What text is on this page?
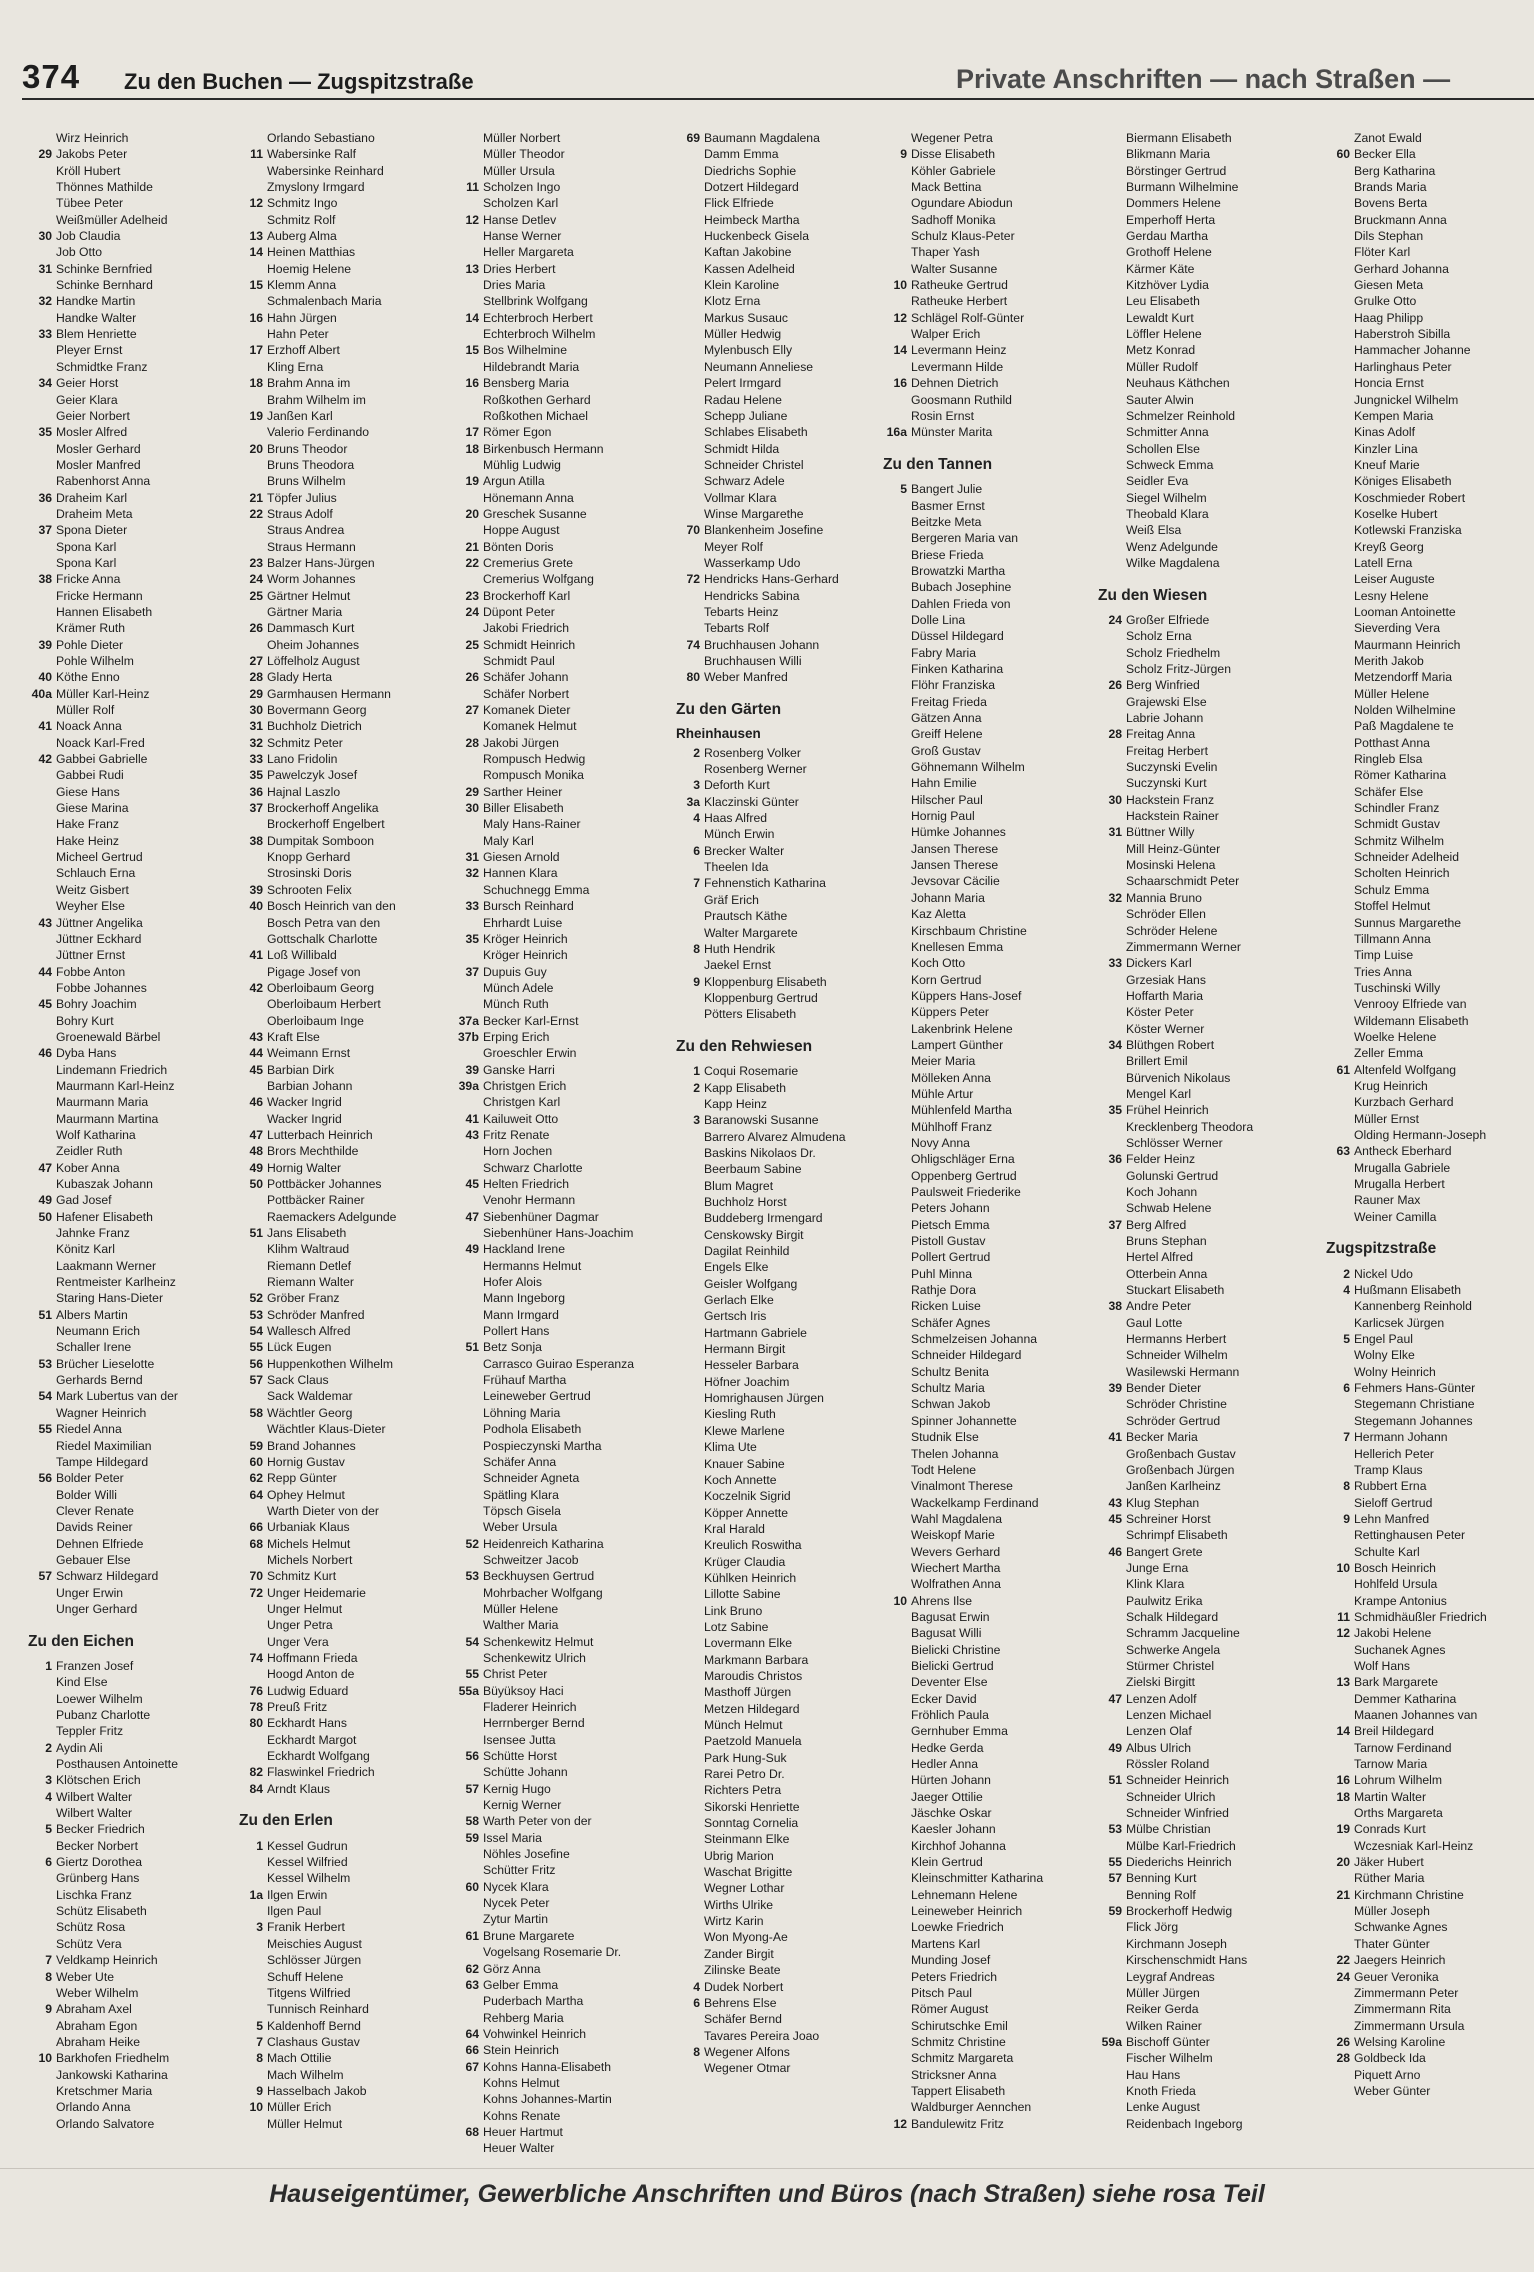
374 Zu den Buchen — Zugspitzstraße	Private Anschriften — nach Straßen —
Wirz Heinrich
29 Jakobs Peter
Kröll Hubert
Thönnes Mathilde
Tübee Peter
Weißmüller Adelheid
30 Job Claudia
Job Otto
31 Schinke Bernfried
Schinke Bernhard
32 Handke Martin
Handke Walter
33 Blem Henriette
Pleyer Ernst
Schmidtke Franz
34 Geier Horst
Geier Klara
Geier Norbert
35 Mosler Alfred
Mosler Gerhard
Mosler Manfred
Rabenhorst Anna
36 Draheim Karl
Draheim Meta
37 Spona Dieter
Spona Karl
Spona Karl
38 Fricke Anna
Fricke Hermann
Hannen Elisabeth
Krämer Ruth
39 Pohle Dieter
Pohle Wilhelm
40 Köthe Enno
40a Müller Karl-Heinz
Müller Rolf
41 Noack Anna
Noack Karl-Fred
42 Gabbei Gabrielle
Gabbei Rudi
Giese Hans
Giese Marina
Hake Franz
Hake Heinz
Micheel Gertrud
Schlauch Erna
Weitz Gisbert
Weyher Else
43 Jüttner Angelika
Jüttner Eckhard
Jüttner Ernst
44 Fobbe Anton
Fobbe Johannes
45 Bohry Joachim
Bohry Kurt
Groenewald Bärbel
46 Dyba Hans
Lindemann Friedrich
Maurmann Karl-Heinz
Maurmann Maria
Maurmann Martina
Wolf Katharina
Zeidler Ruth
47 Kober Anna
Kubaszak Johann
49 Gad Josef
50 Hafener Elisabeth
Jahnke Franz
Könitz Karl
Laakmann Werner
Rentmeister Karlheinz
Staring Hans-Dieter
51 Albers Martin
Neumann Erich
Schaller Irene
53 Brücher Lieselotte
Gerhards Bernd
54 Mark Lubertus van der
Wagner Heinrich
55 Riedel Anna
Riedel Maximilian
Tampe Hildegard
56 Bolder Peter
Bolder Willi
Clever Renate
Davids Reiner
Dehnen Elfriede
Gebauer Else
57 Schwarz Hildegard
Unger Erwin
Unger Gerhard
Zu den Eichen
1 Franzen Josef
Kind Else
Loewer Wilhelm
Pubanz Charlotte
Teppler Fritz
2 Aydin Ali
Posthausen Antoinette
3 Klötschen Erich
4 Wilbert Walter
Wilbert Walter
5 Becker Friedrich
Becker Norbert
6 Giertz Dorothea
Grünberg Hans
Lischka Franz
Schütz Elisabeth
Schütz Rosa
Schütz Vera
7 Veldkamp Heinrich
8 Weber Ute
Weber Wilhelm
9 Abraham Axel
Abraham Egon
Abraham Heike
10 Barkhofen Friedhelm
Jankowski Katharina
Kretschmer Maria
Orlando Anna
Orlando Salvatore
Orlando Sebastiano
11 Wabersinke Ralf
Wabersinke Reinhard
Zmyslony Irmgard
12 Schmitz Ingo
Schmitz Rolf
13 Auberg Alma
14 Heinen Matthias
Hoemig Helene
15 Klemm Anna
Schmalenbach Maria
16 Hahn Jürgen
Hahn Peter
17 Erzhoff Albert
Kling Erna
18 Brahm Anna im
Brahm Wilhelm im
19 Janßen Karl
Valerio Ferdinando
20 Bruns Theodor
Bruns Theodora
Bruns Wilhelm
21 Töpfer Julius
22 Straus Adolf
Straus Andrea
Straus Hermann
23 Balzer Hans-Jürgen
24 Worm Johannes
25 Gärtner Helmut
Gärtner Maria
26 Dammasch Kurt
Oheim Johannes
27 Löffelholz August
28 Glady Herta
29 Garmhausen Hermann
30 Bovermann Georg
31 Buchholz Dietrich
32 Schmitz Peter
33 Lano Fridolin
35 Pawelczyk Josef
36 Hajnal Laszlo
37 Brockerhoff Angelika
Brockerhoff Engelbert
38 Dumpitak Somboon
Knopp Gerhard
Strosinski Doris
39 Schrooten Felix
40 Bosch Heinrich van den
Bosch Petra van den
Gottschalk Charlotte
41 Loß Willibald
Pigage Josef von
42 Oberloibaum Georg
Oberloibaum Herbert
Oberloibaum Inge
43 Kraft Else
44 Weimann Ernst
45 Barbian Dirk
Barbian Johann
46 Wacker Ingrid
Wacker Ingrid
47 Lutterbach Heinrich
48 Brors Mechthilde
49 Hornig Walter
50 Pottbäcker Johannes
Pottbäcker Rainer
Raemackers Adelgunde
51 Jans Elisabeth
Klihm Waltraud
Riemann Detlef
Riemann Walter
52 Gröber Franz
53 Schröder Manfred
54 Wallesch Alfred
55 Lück Eugen
56 Huppenkothen Wilhelm
57 Sack Claus
Sack Waldemar
58 Wächtler Georg
Wächtler Klaus-Dieter
59 Brand Johannes
60 Hornig Gustav
62 Repp Günter
64 Ophey Helmut
Warth Dieter von der
66 Urbaniak Klaus
68 Michels Helmut
Michels Norbert
70 Schmitz Kurt
72 Unger Heidemarie
Unger Helmut
Unger Petra
Unger Vera
74 Hoffmann Frieda
Hoogd Anton de
76 Ludwig Eduard
78 Preuß Fritz
80 Eckhardt Hans
Eckhardt Margot
Eckhardt Wolfgang
82 Flaswinkel Friedrich
84 Arndt Klaus
Zu den Erlen
1 Kessel Gudrun
Kessel Wilfried
Kessel Wilhelm
1a Ilgen Erwin
Ilgen Paul
3 Franik Herbert
Meischies August
Schlösser Jürgen
Schuff Helene
Titgens Wilfried
Tunnisch Reinhard
5 Kaldenhoff Bernd
7 Clashaus Gustav
8 Mach Ottilie
Mach Wilhelm
9 Hasselbach Jakob
10 Müller Erich
Müller Helmut
Müller Norbert
Müller Theodor
Müller Ursula
11 Scholzen Ingo
Scholzen Karl
12 Hanse Detlev
Hanse Werner
Heller Margareta
13 Dries Herbert
Dries Maria
Stellbrink Wolfgang
14 Echterbroch Herbert
Echterbroch Wilhelm
15 Bos Wilhelmine
Hildebrandt Maria
16 Bensberg Maria
Roßkothen Gerhard
Roßkothen Michael
17 Römer Egon
18 Birkenbusch Hermann
Mühlig Ludwig
19 Argun Atilla
Hönemann Anna
20 Greschek Susanne
Hoppe August
21 Bönten Doris
22 Cremerius Grete
Cremerius Wolfgang
23 Brockerhoff Karl
24 Düpont Peter
Jakobi Friedrich
25 Schmidt Heinrich
Schmidt Paul
26 Schäfer Johann
Schäfer Norbert
27 Komanek Dieter
Komanek Helmut
28 Jakobi Jürgen
Rompusch Hedwig
Rompusch Monika
29 Sarther Heiner
30 Biller Elisabeth
Maly Hans-Rainer
Maly Karl
31 Giesen Arnold
32 Hannen Klara
Schuchnegg Emma
33 Bursch Reinhard
Ehrhardt Luise
35 Kröger Heinrich
Kröger Heinrich
37 Dupuis Guy
Münch Adele
Münch Ruth
37a Becker Karl-Ernst
37b Erping Erich
Groeschler Erwin
39 Ganske Harri
39a Christgen Erich
Christgen Karl
41 Kailuweit Otto
43 Fritz Renate
Horn Jochen
Schwarz Charlotte
45 Helten Friedrich
Venohr Hermann
47 Siebenhüner Dagmar
Siebenhüner Hans-Joachim
49 Hackland Irene
Hermanns Helmut
Hofer Alois
Mann Ingeborg
Mann Irmgard
Pollert Hans
51 Betz Sonja
Carrasco Guirao Esperanza
Frühauf Martha
Leineweber Gertrud
Löhning Maria
Podhola Elisabeth
Pospieczynski Martha
Schäfer Anna
Schneider Agneta
Spätling Klara
Töpsch Gisela
Weber Ursula
52 Heidenreich Katharina
Schweitzer Jacob
53 Beckhuysen Gertrud
Mohrbacher Wolfgang
Müller Helene
Walther Maria
54 Schenkewitz Helmut
Schenkewitz Ulrich
55 Christ Peter
55a Büyüksoy Haci
Fladerer Heinrich
Herrnberger Bernd
Isensee Jutta
56 Schütte Horst
Schütte Johann
57 Kernig Hugo
Kernig Werner
58 Warth Peter von der
59 Issel Maria
Nöhles Josefine
Schütter Fritz
60 Nycek Klara
Nycek Peter
Zytur Martin
61 Brune Margarete
Vogelsang Rosemarie Dr.
62 Görz Anna
63 Gelber Emma
Puderbach Martha
Rehberg Maria
64 Vohwinkel Heinrich
66 Stein Heinrich
67 Kohns Hanna-Elisabeth
Kohns Helmut
Kohns Johannes-Martin
Kohns Renate
68 Heuer Hartmut
Heuer Walter
69 Baumann Magdalena
Damm Emma
Diedrichs Sophie
Dotzert Hildegard
Flick Elfriede
Heimbeck Martha
Huckenbeck Gisela
Kaftan Jakobine
Kassen Adelheid
Klein Karoline
Klotz Erna
Markus Susauc
Müller Hedwig
Mylenbusch Elly
Neumann Anneliese
Pelert Irmgard
Radau Helene
Schepp Juliane
Schlabes Elisabeth
Schmidt Hilda
Schneider Christel
Schwarz Adele
Vollmar Klara
Winse Margarethe
70 Blankenheim Josefine
Meyer Rolf
Wasserkamp Udo
72 Hendricks Hans-Gerhard
Hendricks Sabina
Tebarts Heinz
Tebarts Rolf
74 Bruchhausen Johann
Bruchhausen Willi
80 Weber Manfred
Zu den Gärten
Rheinhausen
2 Rosenberg Volker
Rosenberg Werner
3 Deforth Kurt
3a Klaczinski Günter
4 Haas Alfred
Münch Erwin
6 Brecker Walter
Theelen Ida
7 Fehnenstich Katharina
Gräf Erich
Prautsch Käthe
Walter Margarete
8 Huth Hendrik
Jaekel Ernst
9 Kloppenburg Elisabeth
Kloppenburg Gertrud
Pötters Elisabeth
Zu den Rehwiesen
1 Coqui Rosemarie
2 Kapp Elisabeth
Kapp Heinz
3 Baranowski Susanne
Barrero Alvarez Almudena
Baskins Nikolaos Dr.
Beerbaum Sabine
Blum Magret
Buchholz Horst
Buddeberg Irmengard
Censkowsky Birgit
Dagilat Reinhild
Engels Elke
Geisler Wolfgang
Gerlach Elke
Gertsch Iris
Hartmann Gabriele
Hermann Birgit
Hesseler Barbara
Höfner Joachim
Homrighausen Jürgen
Kiesling Ruth
Klewe Marlene
Klima Ute
Knauer Sabine
Koch Annette
Koczelnik Sigrid
Köpper Annette
Kral Harald
Kreulich Roswitha
Krüger Claudia
Kühlken Heinrich
Lillotte Sabine
Link Bruno
Lotz Sabine
Lovermann Elke
Markmann Barbara
Maroudis Christos
Masthoff Jürgen
Metzen Hildegard
Münch Helmut
Paetzold Manuela
Park Hung-Suk
Rarei Petro Dr.
Richters Petra
Sikorski Henriette
Sonntag Cornelia
Steinmann Elke
Ubrig Marion
Waschat Brigitte
Wegner Lothar
Wirths Ulrike
Wirtz Karin
Won Myong-Ae
Zander Birgit
Zilinske Beate
4 Dudek Norbert
6 Behrens Else
Schäfer Bernd
Tavares Pereira Joao
8 Wegener Alfons
Wegener Otmar
Wegener Petra
9 Disse Elisabeth
Köhler Gabriele
Mack Bettina
Ogundare Abiodun
Sadhoff Monika
Schulz Klaus-Peter
Thaper Yash
Walter Susanne
10 Ratheuke Gertrud
Ratheuke Herbert
12 Schlägel Rolf-Günter
Walper Erich
14 Levermann Heinz
Levermann Hilde
16 Dehnen Dietrich
Goosmann Ruthild
Rosin Ernst
16a Münster Marita
Zu den Tannen
5 Bangert Julie
Basmer Ernst
Beitzke Meta
Bergeren Maria van
Briese Frieda
Browatzki Martha
Bubach Josephine
Dahlen Frieda von
Dolle Lina
Düssel Hildegard
Fabry Maria
Finken Katharina
Flöhr Franziska
Freitag Frieda
Gätzen Anna
Greiff Helene
Groß Gustav
Göhnemann Wilhelm
Hahn Emilie
Hilscher Paul
Hornig Paul
Hümke Johannes
Jansen Therese
Jansen Therese
Jevsovar Cäcilie
Johann Maria
Kaz Aletta
Kirschbaum Christine
Knellesen Emma
Koch Otto
Korn Gertrud
Küppers Hans-Josef
Küppers Peter
Lakenbrink Helene
Lampert Günther
Meier Maria
Mölleken Anna
Mühle Artur
Mühlenfeld Martha
Mühlhoff Franz
Novy Anna
Ohligschläger Erna
Oppenberg Gertrud
Paulsweit Friederike
Peters Johann
Pietsch Emma
Pistoll Gustav
Pollert Gertrud
Puhl Minna
Rathje Dora
Ricken Luise
Schäfer Agnes
Schmelzeisen Johanna
Schneider Hildegard
Schultz Benita
Schultz Maria
Schwan Jakob
Spinner Johannette
Studnik Else
Thelen Johanna
Todt Helene
Vinalmont Therese
Wackelkamp Ferdinand
Wahl Magdalena
Weiskopf Marie
Wevers Gerhard
Wiechert Martha
Wolfrathen Anna
10 Ahrens Ilse
Bagusat Erwin
Bagusat Willi
Bielicki Christine
Bielicki Gertrud
Deventer Else
Ecker David
Fröhlich Paula
Gernhuber Emma
Hedke Gerda
Hedler Anna
Hürten Johann
Jaeger Ottilie
Jäschke Oskar
Kaesler Johann
Kirchhof Johanna
Klein Gertrud
Kleinschmitter Katharina
Lehnemann Helene
Leineweber Heinrich
Loewke Friedrich
Martens Karl
Munding Josef
Peters Friedrich
Pitsch Paul
Römer August
Schirutschke Emil
Schmitz Christine
Schmitz Margareta
Stricksner Anna
Tappert Elisabeth
Waldburger Aennchen
12 Bandulewitz Fritz
Biermann Elisabeth
Blikmann Maria
Börstinger Gertrud
Burmann Wilhelmine
Dommers Helene
Emperhoff Herta
Gerdau Martha
Grothoff Helene
Kärmer Käte
Kitzhöver Lydia
Leu Elisabeth
Lewaldt Kurt
Löffler Helene
Metz Konrad
Müller Rudolf
Neuhaus Käthchen
Sauter Alwin
Schmelzer Reinhold
Schmitter Anna
Schollen Else
Schweck Emma
Seidler Eva
Siegel Wilhelm
Theobald Klara
Weiß Elsa
Wenz Adelgunde
Wilke Magdalena
Zu den Wiesen
24 Großer Elfriede
Scholz Erna
Scholz Friedhelm
Scholz Fritz-Jürgen
26 Berg Winfried
Grajewski Else
Labrie Johann
28 Freitag Anna
Freitag Herbert
Suczynski Evelin
Suczynski Kurt
30 Hackstein Franz
Hackstein Rainer
31 Büttner Willy
Mill Heinz-Günter
Mosinski Helena
Schaarschmidt Peter
32 Mannia Bruno
Schröder Ellen
Schröder Helene
Zimmermann Werner
33 Dickers Karl
Grzesiak Hans
Hoffarth Maria
Köster Peter
Köster Werner
34 Blüthgen Robert
Brillert Emil
Bürvenich Nikolaus
Mengel Karl
35 Frühel Heinrich
Krecklenberg Theodora
Schlösser Werner
36 Felder Heinz
Golunski Gertrud
Koch Johann
Schwab Helene
37 Berg Alfred
Bruns Stephan
Hertel Alfred
Otterbein Anna
Stuckart Elisabeth
38 Andre Peter
Gaul Lotte
Hermanns Herbert
Schneider Wilhelm
Wasilewski Hermann
39 Bender Dieter
Schröder Christine
Schröder Gertrud
41 Becker Maria
Großenbach Gustav
Großenbach Jürgen
Janßen Karlheinz
43 Klug Stephan
45 Schreiner Horst
Schrimpf Elisabeth
46 Bangert Grete
Junge Erna
Klink Klara
Paulwitz Erika
Schalk Hildegard
Schramm Jacqueline
Schwerke Angela
Stürmer Christel
Zielski Birgitt
47 Lenzen Adolf
Lenzen Michael
Lenzen Olaf
49 Albus Ulrich
Rössler Roland
51 Schneider Heinrich
Schneider Ulrich
Schneider Winfried
53 Mülbe Christian
Mülbe Karl-Friedrich
55 Diederichs Heinrich
57 Benning Kurt
Benning Rolf
59 Brockerhoff Hedwig
Flick Jörg
Kirchmann Joseph
Kirschenschmidt Hans
Leygraf Andreas
Müller Jürgen
Reiker Gerda
Wilken Rainer
59a Bischoff Günter
Fischer Wilhelm
Hau Hans
Knoth Frieda
Lenke August
Reidenbach Ingeborg
Zanot Ewald
60 Becker Ella
Berg Katharina
Brands Maria
Bovens Berta
Bruckmann Anna
Dils Stephan
Flöter Karl
Gerhard Johanna
Giesen Meta
Grulke Otto
Haag Philipp
Haberstroh Sibilla
Hammacher Johanne
Harlinghaus Peter
Honcia Ernst
Jungnickel Wilhelm
Kempen Maria
Kinas Adolf
Kinzler Lina
Kneuf Marie
Königes Elisabeth
Koschmieder Robert
Koselke Hubert
Kotlewski Franziska
Kreyß Georg
Latell Erna
Leiser Auguste
Lesny Helene
Looman Antoinette
Sieverding Vera
Maurmann Heinrich
Merith Jakob
Metzendorff Maria
Müller Helene
Nolden Wilhelmine
Paß Magdalene te
Potthast Anna
Ringleb Elsa
Römer Katharina
Schäfer Else
Schindler Franz
Schmidt Gustav
Schmitz Wilhelm
Schneider Adelheid
Scholten Heinrich
Schulz Emma
Stoffel Helmut
Sunnus Margarethe
Tillmann Anna
Timp Luise
Tries Anna
Tuschinski Willy
Venrooy Elfriede van
Wildemann Elisabeth
Woelke Helene
Zeller Emma
61 Altenfeld Wolfgang
Krug Heinrich
Kurzbach Gerhard
Müller Ernst
Olding Hermann-Joseph
63 Antheck Eberhard
Mrugalla Gabriele
Mrugalla Herbert
Rauner Max
Weiner Camilla
Zugspitzstraße
2 Nickel Udo
4 Hußmann Elisabeth
Kannenberg Reinhold
Karlicsek Jürgen
5 Engel Paul
Wolny Elke
Wolny Heinrich
6 Fehmers Hans-Günter
Stegemann Christiane
Stegemann Johannes
7 Hermann Johann
Hellerich Peter
Tramp Klaus
8 Rubbert Erna
Sieloff Gertrud
9 Lehn Manfred
Rettinghausen Peter
Schulte Karl
10 Bosch Heinrich
Hohlfeld Ursula
Krampe Antonius
11 Schmidhäußler Friedrich
12 Jakobi Helene
Suchanek Agnes
Wolf Hans
13 Bark Margarete
Demmer Katharina
Maanen Johannes van
14 Breil Hildegard
Tarnow Ferdinand
Tarnow Maria
16 Lohrum Wilhelm
18 Martin Walter
Orths Margareta
19 Conrads Kurt
Wczesniak Karl-Heinz
20 Jäker Hubert
Rüther Maria
21 Kirchmann Christine
Müller Joseph
Schwanke Agnes
Thater Günter
22 Jaegers Heinrich
24 Geuer Veronika
Zimmermann Peter
Zimmermann Rita
Zimmermann Ursula
26 Welsing Karoline
28 Goldbeck Ida
Piquett Arno
Weber Günter
Hauseigentümer, Gewerbliche Anschriften und Büros (nach Straßen) siehe rosa Teil
